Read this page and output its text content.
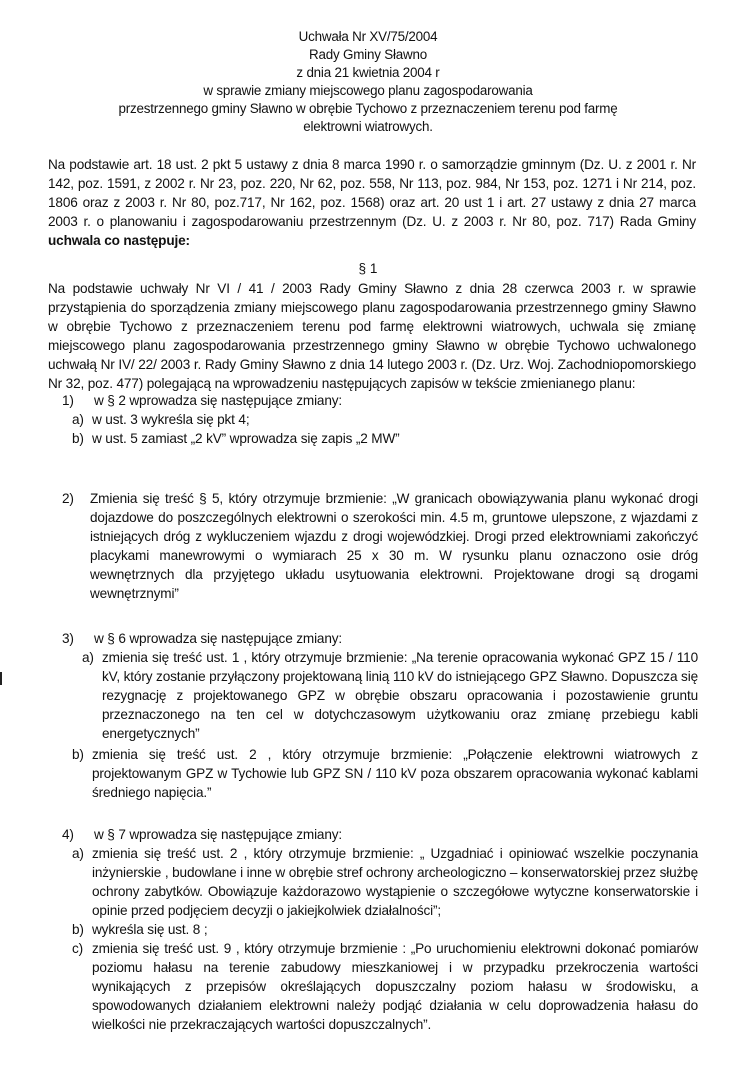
Uchwała Nr XV/75/2004
Rady Gminy Sławno
z dnia 21 kwietnia 2004 r
w sprawie zmiany miejscowego planu zagospodarowania
przestrzennego gminy Sławno w obrębie Tychowo z przeznaczeniem terenu pod farmę
elektrowni wiatrowych.
Na podstawie art. 18 ust. 2 pkt 5 ustawy z dnia 8 marca 1990 r. o samorządzie gminnym (Dz. U. z 2001 r. Nr 142, poz. 1591, z 2002 r. Nr 23, poz. 220, Nr 62, poz. 558, Nr 113, poz. 984, Nr 153, poz. 1271 i Nr 214, poz. 1806 oraz z 2003 r. Nr 80, poz.717, Nr 162, poz. 1568) oraz art. 20 ust 1 i art. 27 ustawy z dnia 27 marca 2003 r. o planowaniu i zagospodarowaniu przestrzennym (Dz. U. z 2003 r. Nr 80, poz. 717) Rada Gminy uchwala co następuje:
§ 1
Na podstawie uchwały Nr VI / 41 / 2003 Rady Gminy Sławno z dnia 28 czerwca 2003 r. w sprawie przystąpienia do sporządzenia zmiany miejscowego planu zagospodarowania przestrzennego gminy Sławno w obrębie Tychowo z przeznaczeniem terenu pod farmę elektrowni wiatrowych, uchwala się zmianę miejscowego planu zagospodarowania przestrzennego gminy Sławno w obrębie Tychowo uchwalonego uchwałą Nr IV/ 22/ 2003 r. Rady Gminy Sławno z dnia 14 lutego 2003 r. (Dz. Urz. Woj. Zachodniopomorskiego Nr 32, poz. 477) polegającą na wprowadzeniu następujących zapisów w tekście zmienianego planu:
1) w § 2 wprowadza się następujące zmiany:
a) w ust. 3 wykreśla się pkt 4;
b) w ust. 5 zamiast „2 kV” wprowadza się zapis „2 MW”
2) Zmienia się treść § 5, który otrzymuje brzmienie: „W granicach obowiązywania planu wykonać drogi dojazdowe do poszczególnych elektrowni o szerokości min. 4.5 m, gruntowe ulepszone, z wjazdami z istniejących dróg z wykluczeniem wjazdu z drogi wojewódzkiej. Drogi przed elektrowniami zakończyć placykami manewrowymi o wymiarach 25 x 30 m. W rysunku planu oznaczono osie dróg wewnętrznych dla przyjętego układu usytuowania elektrowni. Projektowane drogi są drogami wewnętrznymi”
3) w § 6 wprowadza się następujące zmiany:
a) zmienia się treść ust. 1 , który otrzymuje brzmienie: „Na terenie opracowania wykonać GPZ 15 / 110 kV, który zostanie przyłączony projektowaną linią 110 kV do istniejącego GPZ Sławno. Dopuszcza się rezygnację z projektowanego GPZ w obrębie obszaru opracowania i pozostawienie gruntu przeznaczonego na ten cel w dotychczasowym użytkowaniu oraz zmianę przebiegu kabli energetycznych”
b) zmienia się treść ust. 2 , który otrzymuje brzmienie: „Połączenie elektrowni wiatrowych z projektowanym GPZ w Tychowie lub GPZ SN / 110 kV poza obszarem opracowania wykonać kablami średniego napięcia.”
4) w § 7 wprowadza się następujące zmiany:
a) zmienia się treść ust. 2 , który otrzymuje brzmienie: „ Uzgadniać i opiniować wszelkie poczynania inżynierskie , budowlane i inne w obrębie stref ochrony archeologiczno – konserwatorskiej przez służbę ochrony zabytków. Obowiązuje każdorazowo wystąpienie o szczegółowe wytyczne konserwatorskie i opinie przed podjęciem decyzji o jakiejkolwiek działalności”;
b) wykreśla się ust. 8 ;
c) zmienia się treść ust. 9 , który otrzymuje brzmienie : „Po uruchomieniu elektrowni dokonać pomiarów poziomu hałasu na terenie zabudowy mieszkaniowej i w przypadku przekroczenia wartości wynikających z przepisów określających dopuszczalny poziom hałasu w środowisku, a spowodowanych działaniem elektrowni należy podjąć działania w celu doprowadzenia hałasu do wielkości nie przekraczających wartości dopuszczalnych”.
